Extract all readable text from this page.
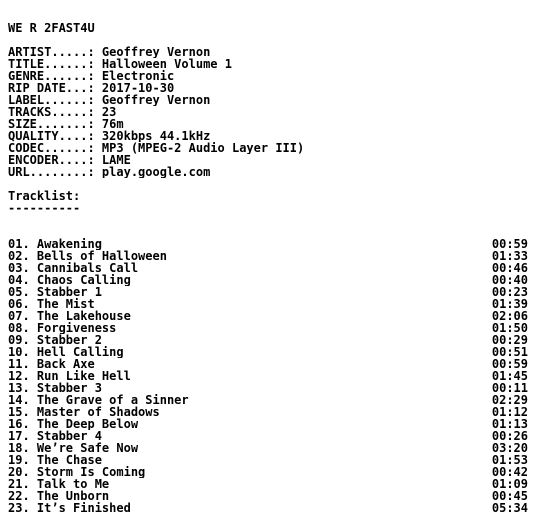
WE R 2FAST4U
ARTIST.....: Geoffrey Vernon
TITLE......: Halloween Volume 1
GENRE......: Electronic
RIP DATE...: 2017-10-30
LABEL......: Geoffrey Vernon
TRACKS.....: 23
SIZE.......: 76m
QUALITY....: 320kbps 44.1kHz
CODEC......: MP3 (MPEG-2 Audio Layer III)
ENCODER....: LAME
URL........: play.google.com
Tracklist:
----------
01. Awakening	00:59
02. Bells of Halloween	01:33
03. Cannibals Call	00:46
04. Chaos Calling	00:40
05. Stabber 1	00:23
06. The Mist	01:39
07. The Lakehouse	02:06
08. Forgiveness	01:50
09. Stabber 2	00:29
10. Hell Calling	00:51
11. Back Axe	00:59
12. Run Like Hell	01:45
13. Stabber 3	00:11
14. The Grave of a Sinner	02:29
15. Master of Shadows	01:12
16. The Deep Below	01:13
17. Stabber 4	00:26
18. We’re Safe Now	03:20
19. The Chase	01:53
20. Storm Is Coming	00:42
21. Talk to Me	01:09
22. The Unborn	00:45
23. It’s Finished	05:34
